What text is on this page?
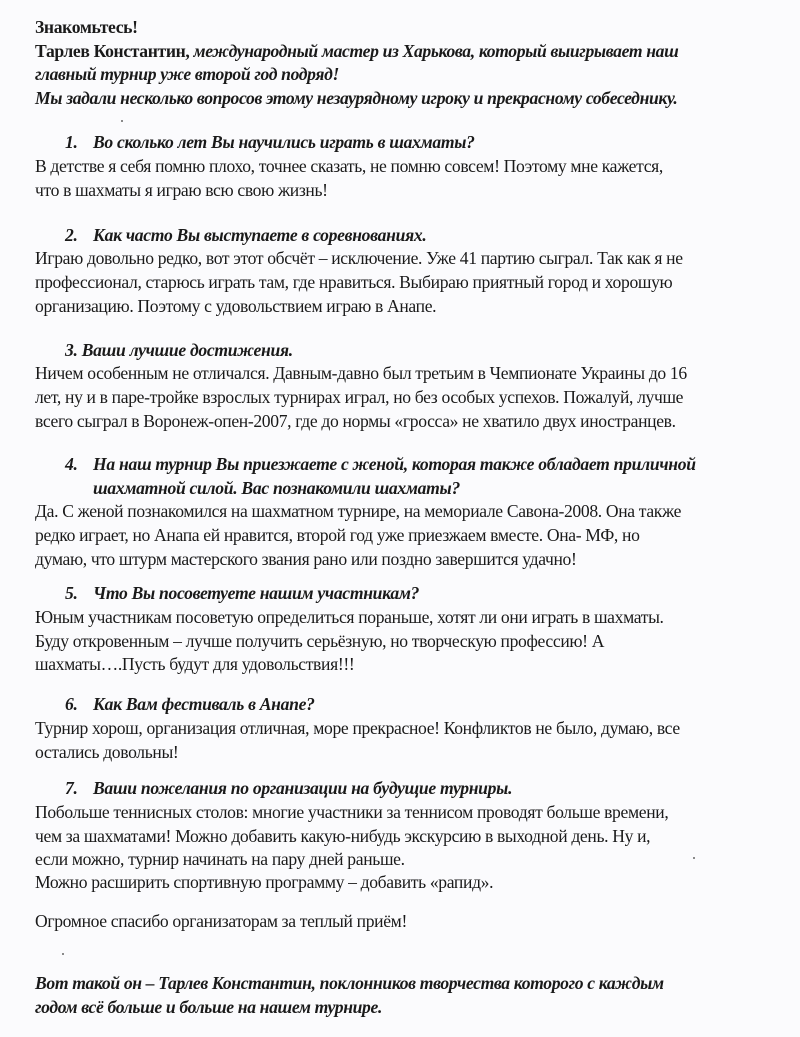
Знакомьтесь!
Тарлев Константин, международный мастер из Харькова, который выигрывает наш
главный турнир уже второй год подряд!
Мы задали несколько вопросов этому незаурядному игроку и прекрасному собеседнику.
1. Во сколько лет Вы научились играть в шахматы?
В детстве я себя помню плохо, точнее сказать, не помню совсем! Поэтому мне кажется,
что в шахматы я играю всю свою жизнь!
2. Как часто Вы выступаете в соревнованиях.
Играю довольно редко, вот этот обсчёт – исключение. Уже 41 партию сыграл. Так как я не
профессионал, старюсь играть там, где нравиться. Выбираю приятный город и хорошую
организацию. Поэтому с удовольствием играю в Анапе.
3. Ваши лучшие достижения.
Ничем особенным не отличался. Давным-давно был третьим в Чемпионате Украины до 16
лет, ну и в паре-тройке взрослых турнирах играл, но без особых успехов. Пожалуй, лучше
всего сыграл в Воронеж-опен-2007, где до нормы «гросса» не хватило двух иностранцев.
4. На наш турнир Вы приезжаете с женой, которая также обладает приличной
шахматной силой. Вас познакомили шахматы?
Да. С женой познакомился на шахматном турнире, на мемориале Савона-2008. Она также
редко играет, но Анапа ей нравится, второй год уже приезжаем вместе. Она- МФ, но
думаю, что штурм мастерского звания рано или поздно завершится удачно!
5. Что Вы посоветуете нашим участникам?
Юным участникам посоветую определиться пораньше, хотят ли они играть в шахматы.
Буду откровенным – лучше получить серьёзную, но творческую профессию! А
шахматы….Пусть будут для удовольствия!!!
6. Как Вам фестиваль в Анапе?
Турнир хорош, организация отличная, море прекрасное! Конфликтов не было, думаю, все
остались довольны!
7. Ваши пожелания по организации на будущие турниры.
Побольше теннисных столов: многие участники за теннисом проводят больше времени,
чем за шахматами! Можно добавить какую-нибудь экскурсию в выходной день. Ну и,
если можно, турнир начинать на пару дней раньше.
Можно расширить спортивную программу – добавить «рапид».
Огромное спасибо организаторам за теплый приём!
Вот такой он – Тарлев Константин, поклонников творчества которого с каждым
годом всё больше и больше на нашем турнире.
